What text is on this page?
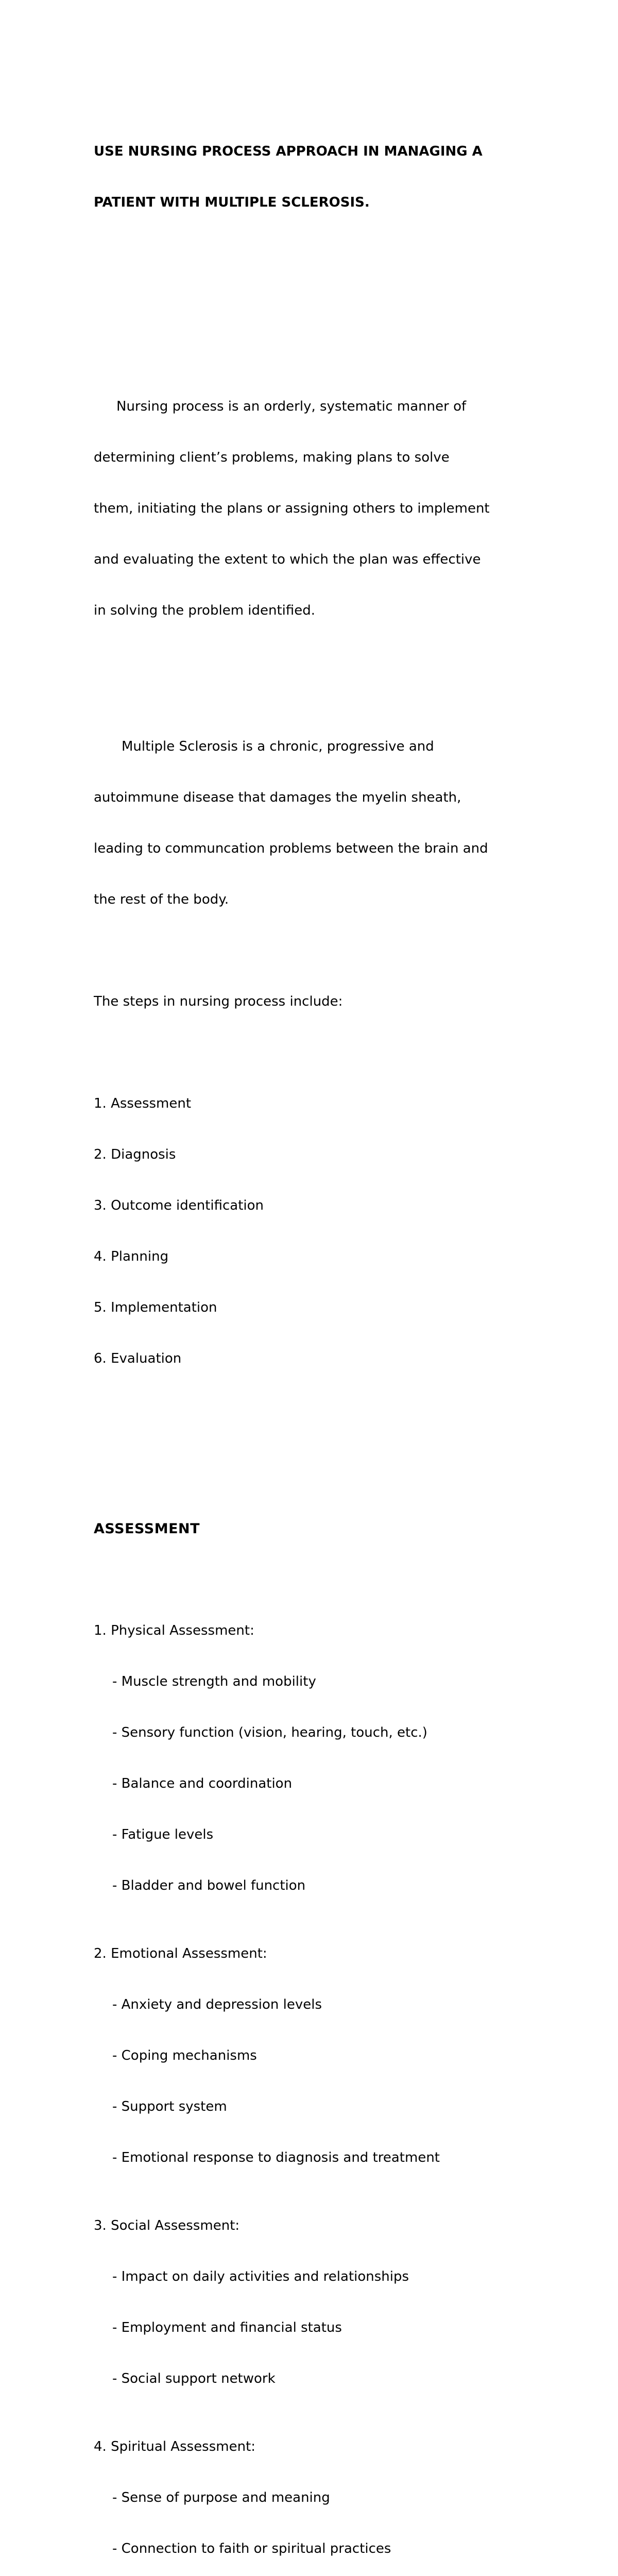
USE NURSING PROCESS APPROACH IN MANAGING A

PATIENT WITH MULTIPLE SCLEROSIS.

Nursing process is an orderly, systematic manner of

determining client’s problems, making plans to solve

them, initiating the plans or assigning others to implement

and evaluating the extent to which the plan was effective

in solving the problem identified.

Multiple Sclerosis is a chronic, progressive and

autoimmune disease that damages the myelin sheath,

leading to communcation problems between the brain and

the rest of the body.

The steps in nursing process include:

1. Assessment

2. Diagnosis

3. Outcome identification

4. Planning

5. Implementation

6. Evaluation

ASSESSMENT

1. Physical Assessment:

- Muscle strength and mobility

- Sensory function (vision, hearing, touch, etc.)

- Balance and coordination

- Fatigue levels

- Bladder and bowel function

2. Emotional Assessment:

- Anxiety and depression levels

- Coping mechanisms

- Support system

- Emotional response to diagnosis and treatment

3. Social Assessment:

- Impact on daily activities and relationships

- Employment and financial status

- Social support network

4. Spiritual Assessment:

- Sense of purpose and meaning

- Connection to faith or spiritual practices
